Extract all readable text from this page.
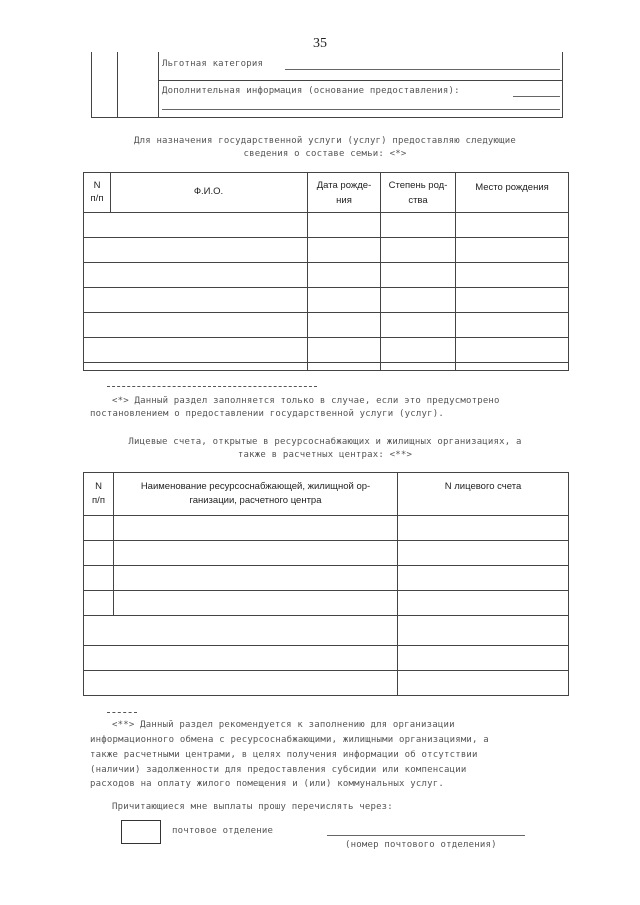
35
Льготная категория
Дополнительная информация (основание предоставления):
Для назначения государственной услуги (услуг) предоставляю следующие
сведения о составе семьи: <*>
N
п/п
Ф.И.О.
Дата рожде-
ния
Степень род-
ства
Место рождения
<*> Данный раздел заполняется только в случае, если это предусмотрено
постановлением о предоставлении государственной услуги (услуг).
Лицевые счета, открытые в ресурсоснабжающих и жилищных организациях, а
также в расчетных центрах: <**>
N
п/п
Наименование ресурсоснабжающей, жилищной ор-
ганизации, расчетного центра
N лицевого счета
<**> Данный раздел рекомендуется к заполнению для организации
информационного обмена с ресурсоснабжающими, жилищными организациями, а
также расчетными центрами, в целях получения информации об отсутствии
(наличии) задолженности для предоставления субсидии или компенсации
расходов на оплату жилого помещения и (или) коммунальных услуг.
Причитающиеся мне выплаты прошу перечислять через:
почтовое отделение
(номер почтового отделения)
